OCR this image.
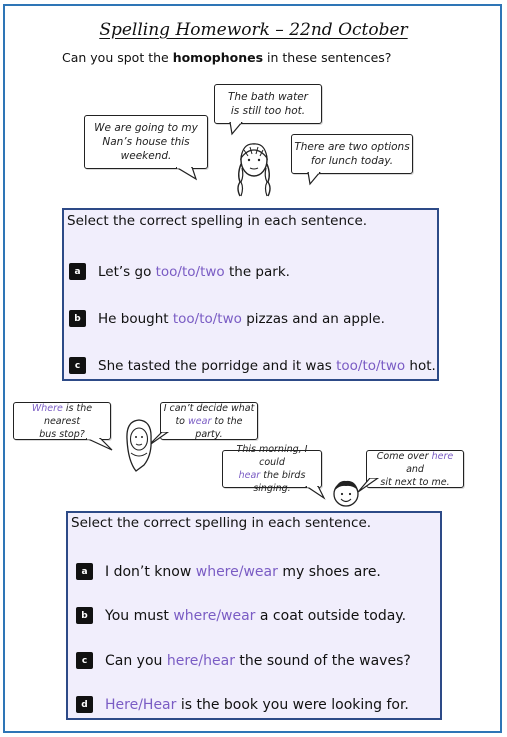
Spelling Homework – 22nd October
Can you spot the homophones in these sentences?
We are going to my
Nan’s house this
weekend.
The bath water
is still too hot.
There are two options
for lunch today.
Select the correct spelling in each sentence.
a	Let’s go too/to/two the park.
b	He bought too/to/two pizzas and an apple.
c	She tasted the porridge and it was too/to/two hot.
Where is the nearest
bus stop?
I can’t decide what
to wear to the party.
This morning, I could
hear the birds singing.
Come over here and
sit next to me.
Select the correct spelling in each sentence.
a	I don’t know where/wear my shoes are.
b	You must where/wear a coat outside today.
c	Can you here/hear the sound of the waves?
d	Here/Hear is the book you were looking for.
